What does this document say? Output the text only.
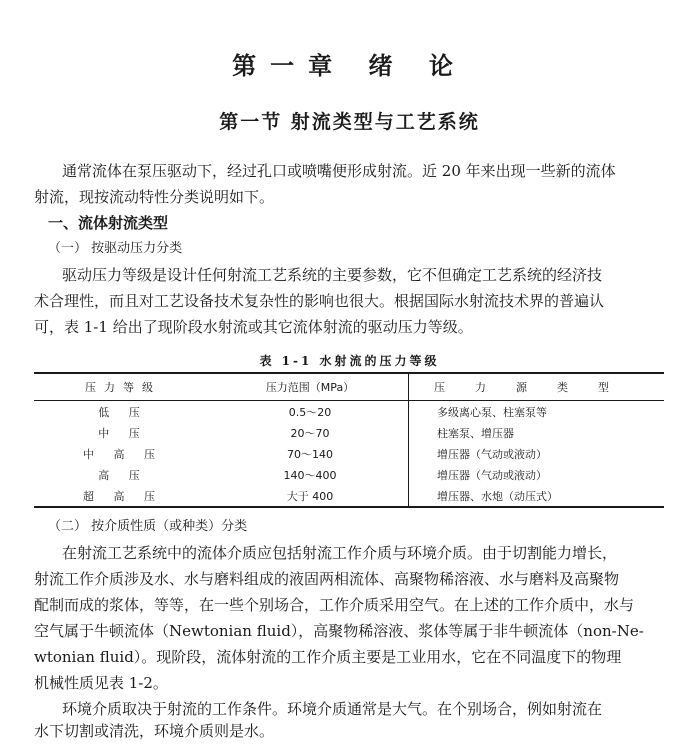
第一章 绪 论
第一节 射流类型与工艺系统
通常流体在泵压驱动下，经过孔口或喷嘴便形成射流。近 20 年来出现一些新的流体
射流，现按流动特性分类说明如下。
一、流体射流类型
（一） 按驱动压力分类
驱动压力等级是设计任何射流工艺系统的主要参数，它不但确定工艺系统的经济技
术合理性，而且对工艺设备技术复杂性的影响也很大。根据国际水射流技术界的普遍认
可，表 1-1 给出了现阶段水射流或其它流体射流的驱动压力等级。
表 1-1 水射流的压力等级
压力等级	压力范围（MPa）	压力源类型
低 压	0.5～20	多级离心泵、柱塞泵等
中 压	20～70	柱塞泵、增压器
中 高 压	70～140	增压器（气动或液动）
高 压	140～400	增压器（气动或液动）
超 高 压	大于 400	增压器、水炮（动压式）
（二） 按介质性质（或种类）分类
在射流工艺系统中的流体介质应包括射流工作介质与环境介质。由于切割能力增长，
射流工作介质涉及水、水与磨料组成的液固两相流体、高聚物稀溶液、水与磨料及高聚物
配制而成的浆体，等等，在一些个别场合，工作介质采用空气。在上述的工作介质中，水与
空气属于牛顿流体（Newtonian fluid），高聚物稀溶液、浆体等属于非牛顿流体（non-Ne-
wtonian fluid）。现阶段，流体射流的工作介质主要是工业用水，它在不同温度下的物理
机械性质见表 1-2。
环境介质取决于射流的工作条件。环境介质通常是大气。在个别场合，例如射流在
水下切割或清洗，环境介质则是水。
